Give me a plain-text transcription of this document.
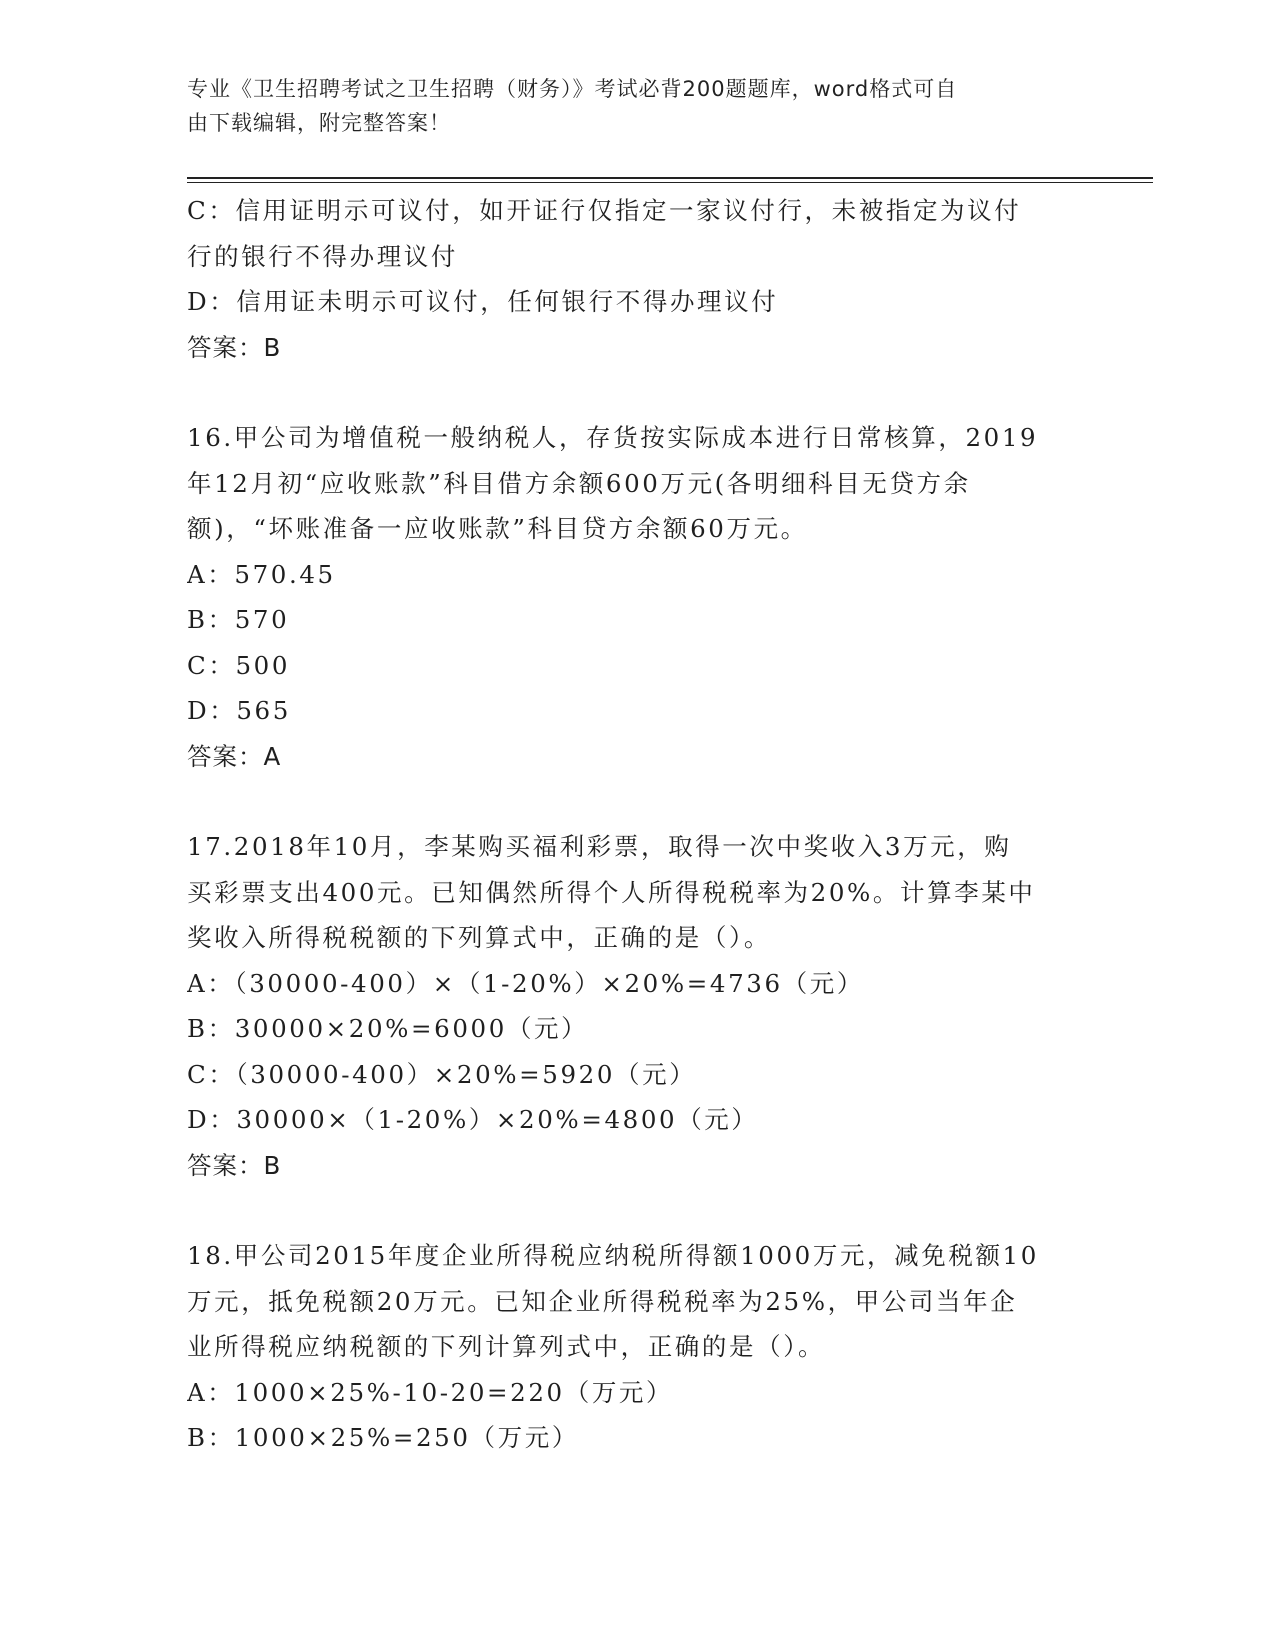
专业《卫生招聘考试之卫生招聘（财务）》考试必背200题题库，word格式可自
由下载编辑，附完整答案！
C：信用证明示可议付，如开证行仅指定一家议付行，未被指定为议付
行的银行不得办理议付
D：信用证未明示可议付，任何银行不得办理议付
答案：B
16.甲公司为增值税一般纳税人，存货按实际成本进行日常核算，2019
年12月初“应收账款”科目借方余额600万元(各明细科目无贷方余
额)，“坏账准备一应收账款”科目贷方余额60万元。
A：570.45
B：570
C：500
D：565
答案：A
17.2018年10月，李某购买福利彩票，取得一次中奖收入3万元，购
买彩票支出400元。已知偶然所得个人所得税税率为20%。计算李某中
奖收入所得税税额的下列算式中，正确的是（）。
A：（30000-400）×（1-20%）×20%=4736（元）
B：30000×20%=6000（元）
C：（30000-400）×20%=5920（元）
D：30000×（1-20%）×20%=4800（元）
答案：B
18.甲公司2015年度企业所得税应纳税所得额1000万元，减免税额10
万元，抵免税额20万元。已知企业所得税税率为25%，甲公司当年企
业所得税应纳税额的下列计算列式中，正确的是（）。
A：1000×25%-10-20=220（万元）
B：1000×25%=250（万元）
